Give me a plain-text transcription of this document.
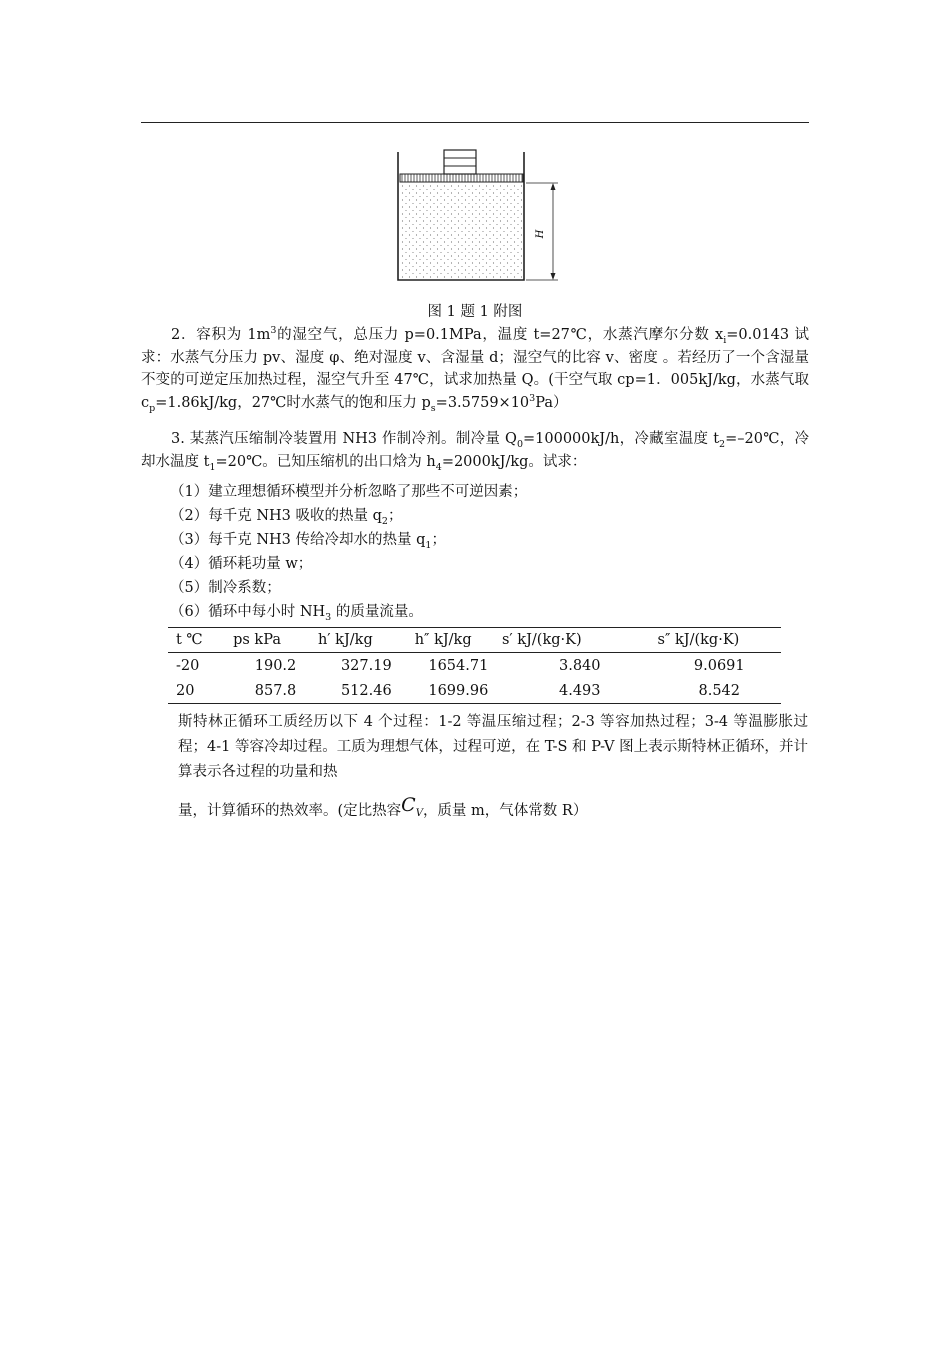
H
图 1 题 1 附图
2．容积为 $1m^3$的湿空气，总压力 p=0.1MPa，温度 t=27℃，水蒸汽摩尔分数 $x_i=0.0143$ 试求：水蒸气分压力 pv、湿度 φ、绝对湿度 v、含湿量 d；湿空气的比容 v、密度 。若经历了一个含湿量不变的可逆定压加热过程，湿空气升至 47℃，试求加热量 Q。(干空气取 cp=1．005kJ/kg，水蒸气取 $c_p=1.86kJ/kg$，27℃时水蒸气的饱和压力 $p_s=3.5759\times 10^3Pa$）
3. 某蒸汽压缩制冷装置用 NH3 作制冷剂。制冷量 $Q_0=100000kJ/h$，冷藏室温度 $t_2=-20℃$，冷却水温度 $t_1=20℃$。已知压缩机的出口焓为 $h_4=2000kJ/kg$。试求：
（1）建立理想循环模型并分析忽略了那些不可逆因素；
（2）每千克 NH3 吸收的热量 $q_2$；
（3）每千克 NH3 传给冷却水的热量 $q_1$；
（4）循环耗功量 w；
（5）制冷系数；
（6）循环中每小时 $NH_3$ 的质量流量。
t ℃	ps kPa	h′ kJ/kg	h″ kJ/kg	s′ kJ/(kg·K)	s″ kJ/(kg·K)
-20	190.2	327.19	1654.71	3.840	9.0691
20	857.8	512.46	1699.96	4.493	8.542
斯特林正循环工质经历以下 4 个过程：1-2 等温压缩过程；2-3 等容加热过程；3-4 等温膨胀过程；4-1 等容冷却过程。工质为理想气体，过程可逆，在 T-S 和 P-V 图上表示斯特林正循环，并计算表示各过程的功量和热
量，计算循环的热效率。(定比热容$C_V$，质量 m，气体常数 R）
